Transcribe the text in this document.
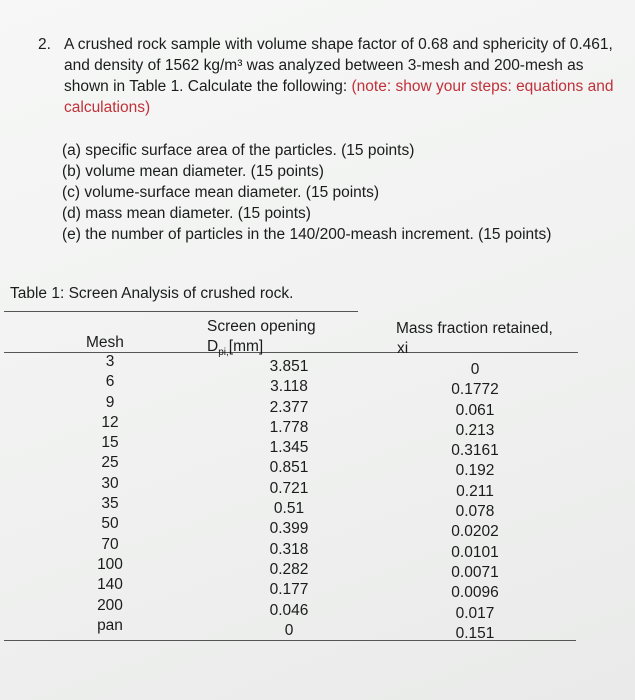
2. A crushed rock sample with volume shape factor of 0.68 and sphericity of 0.461, and density of 1562 kg/m³ was analyzed between 3-mesh and 200-mesh as shown in Table 1. Calculate the following: (note: show your steps: equations and calculations)
(a) specific surface area of the particles. (15 points)
(b) volume mean diameter. (15 points)
(c) volume-surface mean diameter. (15 points)
(d) mass mean diameter. (15 points)
(e) the number of particles in the 140/200-meash increment. (15 points)
Table 1: Screen Analysis of crushed rock.
Mesh
Screen opening
$D_{pi,}[mm]$
Mass fraction retained,
xi
3
6
9
12
15
25
30
35
50
70
100
140
200
pan
3.851
3.118
2.377
1.778
1.345
0.851
0.721
0.51
0.399
0.318
0.282
0.177
0.046
0
0
0.1772
0.061
0.213
0.3161
0.192
0.211
0.078
0.0202
0.0101
0.0071
0.0096
0.017
0.151
